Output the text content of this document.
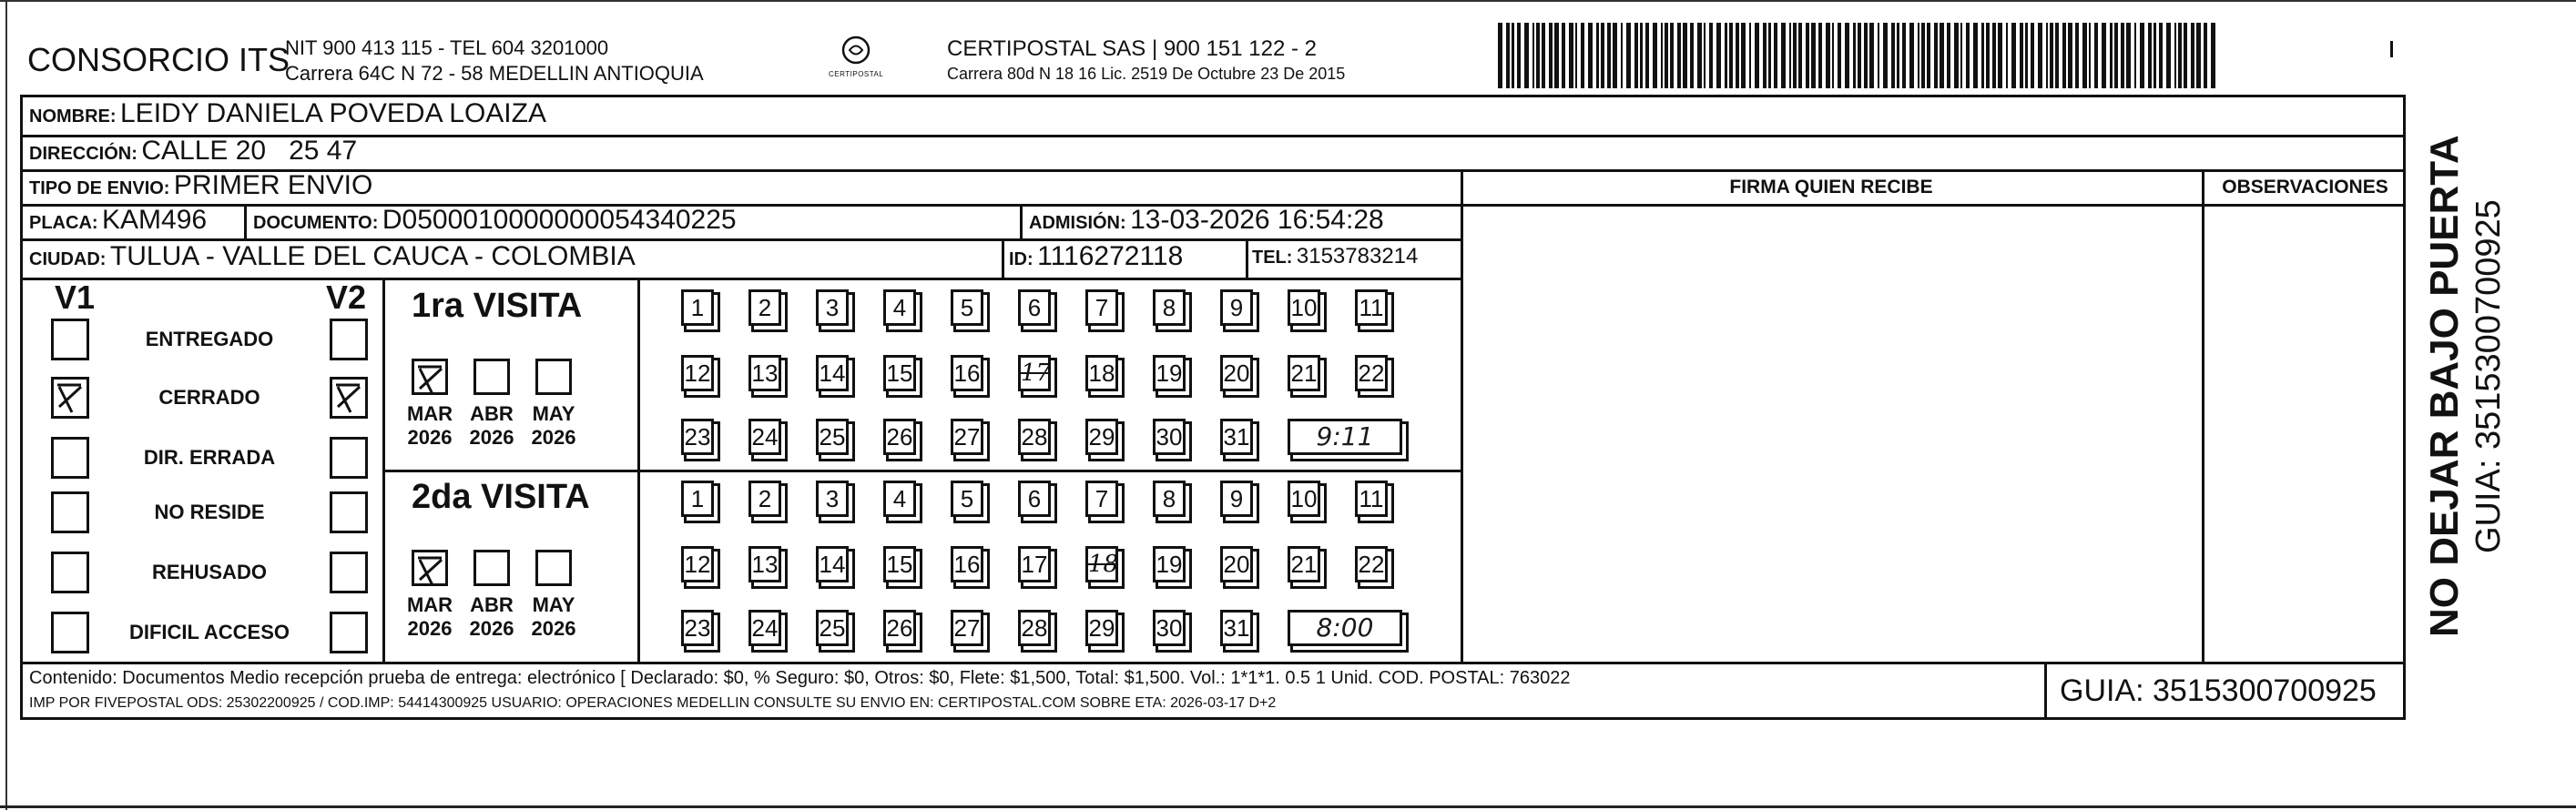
CONSORCIO ITS
NIT 900 413 115 - TEL 604 3201000
Carrera 64C N 72 - 58 MEDELLIN ANTIOQUIA	CERTIPOSTAL
CERTIPOSTAL SAS | 900 151 122 - 2
Carrera 80d N 18 16 Lic. 2519 De Octubre 23 De 2015
NOMBRE: LEIDY DANIELA POVEDA LOAIZA
DIRECCIÓN: CALLE 20   25 47
TIPO DE ENVIO: PRIMER ENVIO
PLACA: KAM496	DOCUMENTO: D0500010000000054340225	ADMISIÓN: 13-03-2026 16:54:28
CIUDAD: TULUA - VALLE DEL CAUCA - COLOMBIA	ID: 1116272118	TEL: 3153783214
FIRMA QUIEN RECIBE	OBSERVACIONES
V1	V2
ENTREGADO
CERRADO
DIR. ERRADA
NO RESIDE
REHUSADO
DIFICIL ACCESO
1ra VISITA
MAR
2026
ABR
2026
MAY
2026
1	2	3	4	5	6	7	8	9	10 11
12 13 14 15 16 17 18 19 20 21 22
23 24 25 26 27 28 29 30 31	9:11
2da VISITA
MAR
2026
ABR
2026
MAY
2026
1	2	3	4	5	6	7	8	9	10 11
12 13 14 15 16 17 18 19 20 21 22
23 24 25 26 27 28 29 30 31	8:00
Contenido: Documentos Medio recepción prueba de entrega: electrónico [ Declarado: $0, % Seguro: $0, Otros: $0, Flete: $1,500, Total: $1,500. Vol.: 1*1*1. 0.5 1 Unid. COD. POSTAL: 763022
IMP POR FIVEPOSTAL ODS: 25302200925 / COD.IMP: 54414300925 USUARIO: OPERACIONES MEDELLIN CONSULTE SU ENVIO EN: CERTIPOSTAL.COM SOBRE ETA: 2026-03-17 D+2	GUIA: 3515300700925
NO DEJAR BAJO PUERTA GUIA: 3515300700925
